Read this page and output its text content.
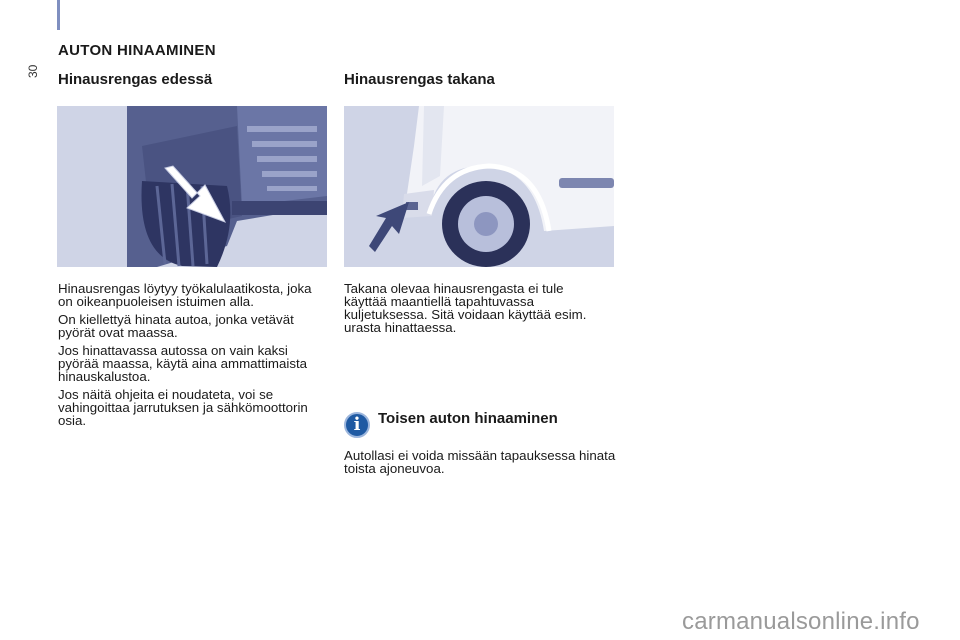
30
AUTON HINAAMINEN
Hinausrengas edessä	Hinausrengas takana

Hinausrengas löytyy työkalulaatikosta, joka on oikeanpuoleisen istuimen alla.

On kiellettyä hinata autoa, jonka vetävät pyörät ovat maassa.

Jos hinattavassa autossa on vain kaksi pyörää maassa, käytä aina ammattimaista hinauskalustoa.

Jos näitä ohjeita ei noudateta, voi se vahingoittaa jarrutuksen ja sähkömoottorin osia.

Takana olevaa hinausrengasta ei tule käyttää maantiellä tapahtuvassa kuljetuksessa. Sitä voidaan käyttää esim. urasta hinattaessa.

i	Toisen auton hinaaminen

Autollasi ei voida missään tapauksessa hinata toista ajoneuvoa.

carmanualsonline.info
